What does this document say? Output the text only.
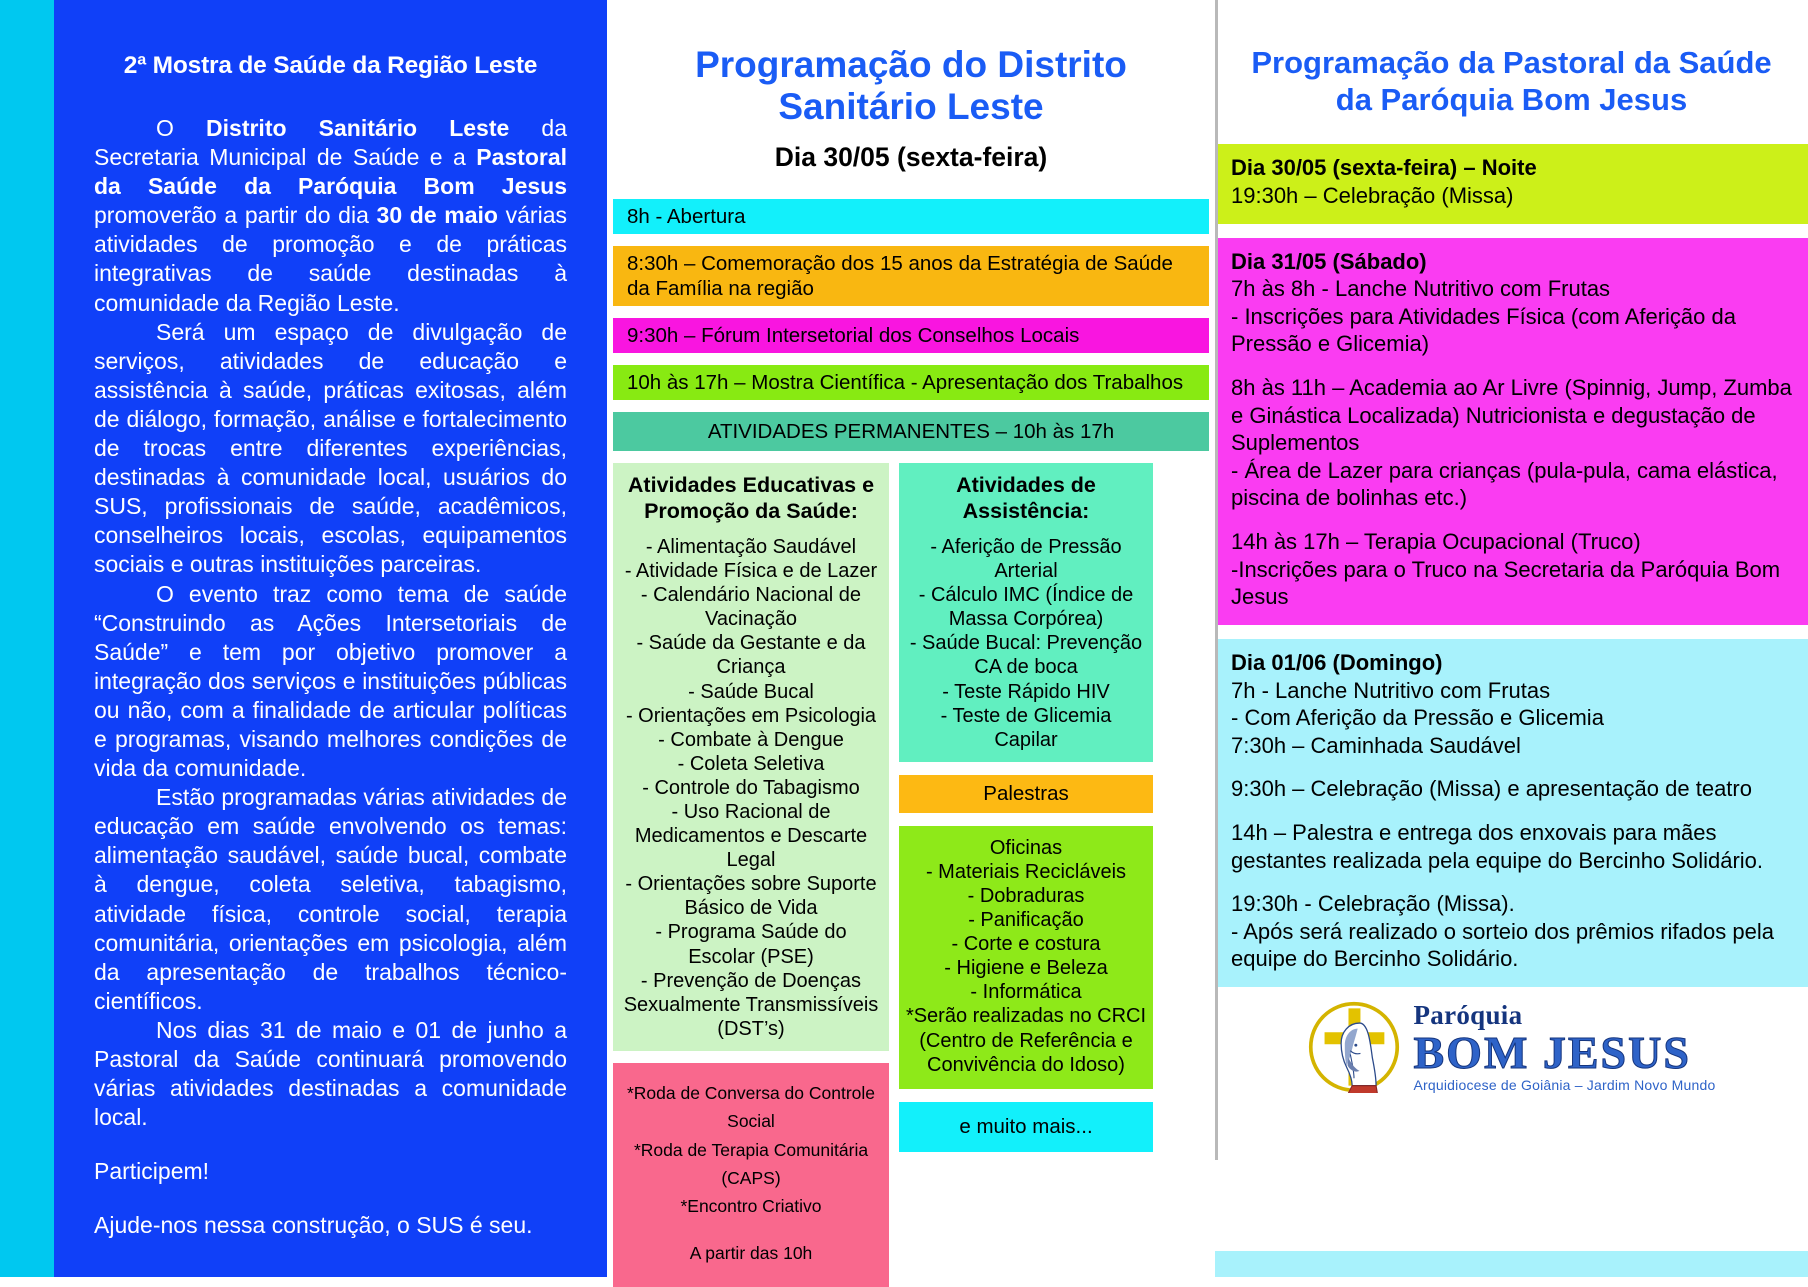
2ª Mostra de Saúde da Região Leste

O Distrito Sanitário Leste da Secretaria Municipal de Saúde e a Pastoral da Saúde da Paróquia Bom Jesus promoverão a partir do dia 30 de maio várias atividades de promoção e de práticas integrativas de saúde destinadas à comunidade da Região Leste.

Será um espaço de divulgação de serviços, atividades de educação e assistência à saúde, práticas exitosas, além de diálogo, formação, análise e fortalecimento de trocas entre diferentes experiências, destinadas à comunidade local, usuários do SUS, profissionais de saúde, acadêmicos, conselheiros locais, escolas, equipamentos sociais e outras instituições parceiras.

O evento traz como tema de saúde “Construindo as Ações Intersetoriais de Saúde” e tem por objetivo promover a integração dos serviços e instituições públicas ou não, com a finalidade de articular políticas e programas, visando melhores condições de vida da comunidade.

Estão programadas várias atividades de educação em saúde envolvendo os temas: alimentação saudável, saúde bucal, combate à dengue, coleta seletiva, tabagismo, atividade física, controle social, terapia comunitária, orientações em psicologia, além da apresentação de trabalhos técnico-científicos.

Nos dias 31 de maio e 01 de junho a Pastoral da Saúde continuará promovendo várias atividades destinadas a comunidade local.

Participem!

Ajude-nos nessa construção, o SUS é seu.

Programação do Distrito Sanitário Leste
Dia 30/05 (sexta-feira)
8h - Abertura
8:30h – Comemoração dos 15 anos da Estratégia de Saúde da Família na região
9:30h – Fórum Intersetorial dos Conselhos Locais
10h às 17h – Mostra Científica - Apresentação dos Trabalhos
ATIVIDADES PERMANENTES – 10h às 17h
Atividades Educativas e Promoção da Saúde:
- Alimentação Saudável
- Atividade Física e de Lazer
- Calendário Nacional de Vacinação
- Saúde da Gestante e da Criança
- Saúde Bucal
- Orientações em Psicologia
- Combate à Dengue
- Coleta Seletiva
- Controle do Tabagismo
- Uso Racional de Medicamentos e Descarte Legal
- Orientações sobre Suporte Básico de Vida
- Programa Saúde do Escolar (PSE)
- Prevenção de Doenças Sexualmente Transmissíveis (DST’s)
*Roda de Conversa do Controle Social
*Roda de Terapia Comunitária (CAPS)
*Encontro Criativo
A partir das 10h
Atividades de Assistência:
- Aferição de Pressão Arterial
- Cálculo IMC (Índice de Massa Corpórea)
- Saúde Bucal: Prevenção CA de boca
- Teste Rápido HIV
- Teste de Glicemia Capilar
Palestras
Oficinas
- Materiais Recicláveis
- Dobraduras
- Panificação
- Corte e costura
- Higiene e Beleza
- Informática
*Serão realizadas no CRCI (Centro de Referência e Convivência do Idoso)
e muito mais...
Programação da Pastoral da Saúde da Paróquia Bom Jesus
Dia 30/05 (sexta-feira) – Noite
19:30h – Celebração (Missa)
Dia 31/05 (Sábado)
7h às 8h - Lanche Nutritivo com Frutas
- Inscrições para Atividades Física (com Aferição da Pressão e Glicemia)
8h às 11h – Academia ao Ar Livre (Spinnig, Jump, Zumba e Ginástica Localizada) Nutricionista e degustação de Suplementos
- Área de Lazer para crianças (pula-pula, cama elástica, piscina de bolinhas etc.)
14h às 17h – Terapia Ocupacional (Truco)
-Inscrições para o Truco na Secretaria da Paróquia Bom Jesus
Dia 01/06 (Domingo)
7h - Lanche Nutritivo com Frutas
- Com Aferição da Pressão e Glicemia
7:30h – Caminhada Saudável
9:30h – Celebração (Missa) e apresentação de teatro
14h – Palestra e entrega dos enxovais para mães gestantes realizada pela equipe do Bercinho Solidário.
19:30h - Celebração (Missa).
- Após será realizado o sorteio dos prêmios rifados pela equipe do Bercinho Solidário.
Paróquia
BOM JESUS
Arquidiocese de Goiânia – Jardim Novo Mundo
